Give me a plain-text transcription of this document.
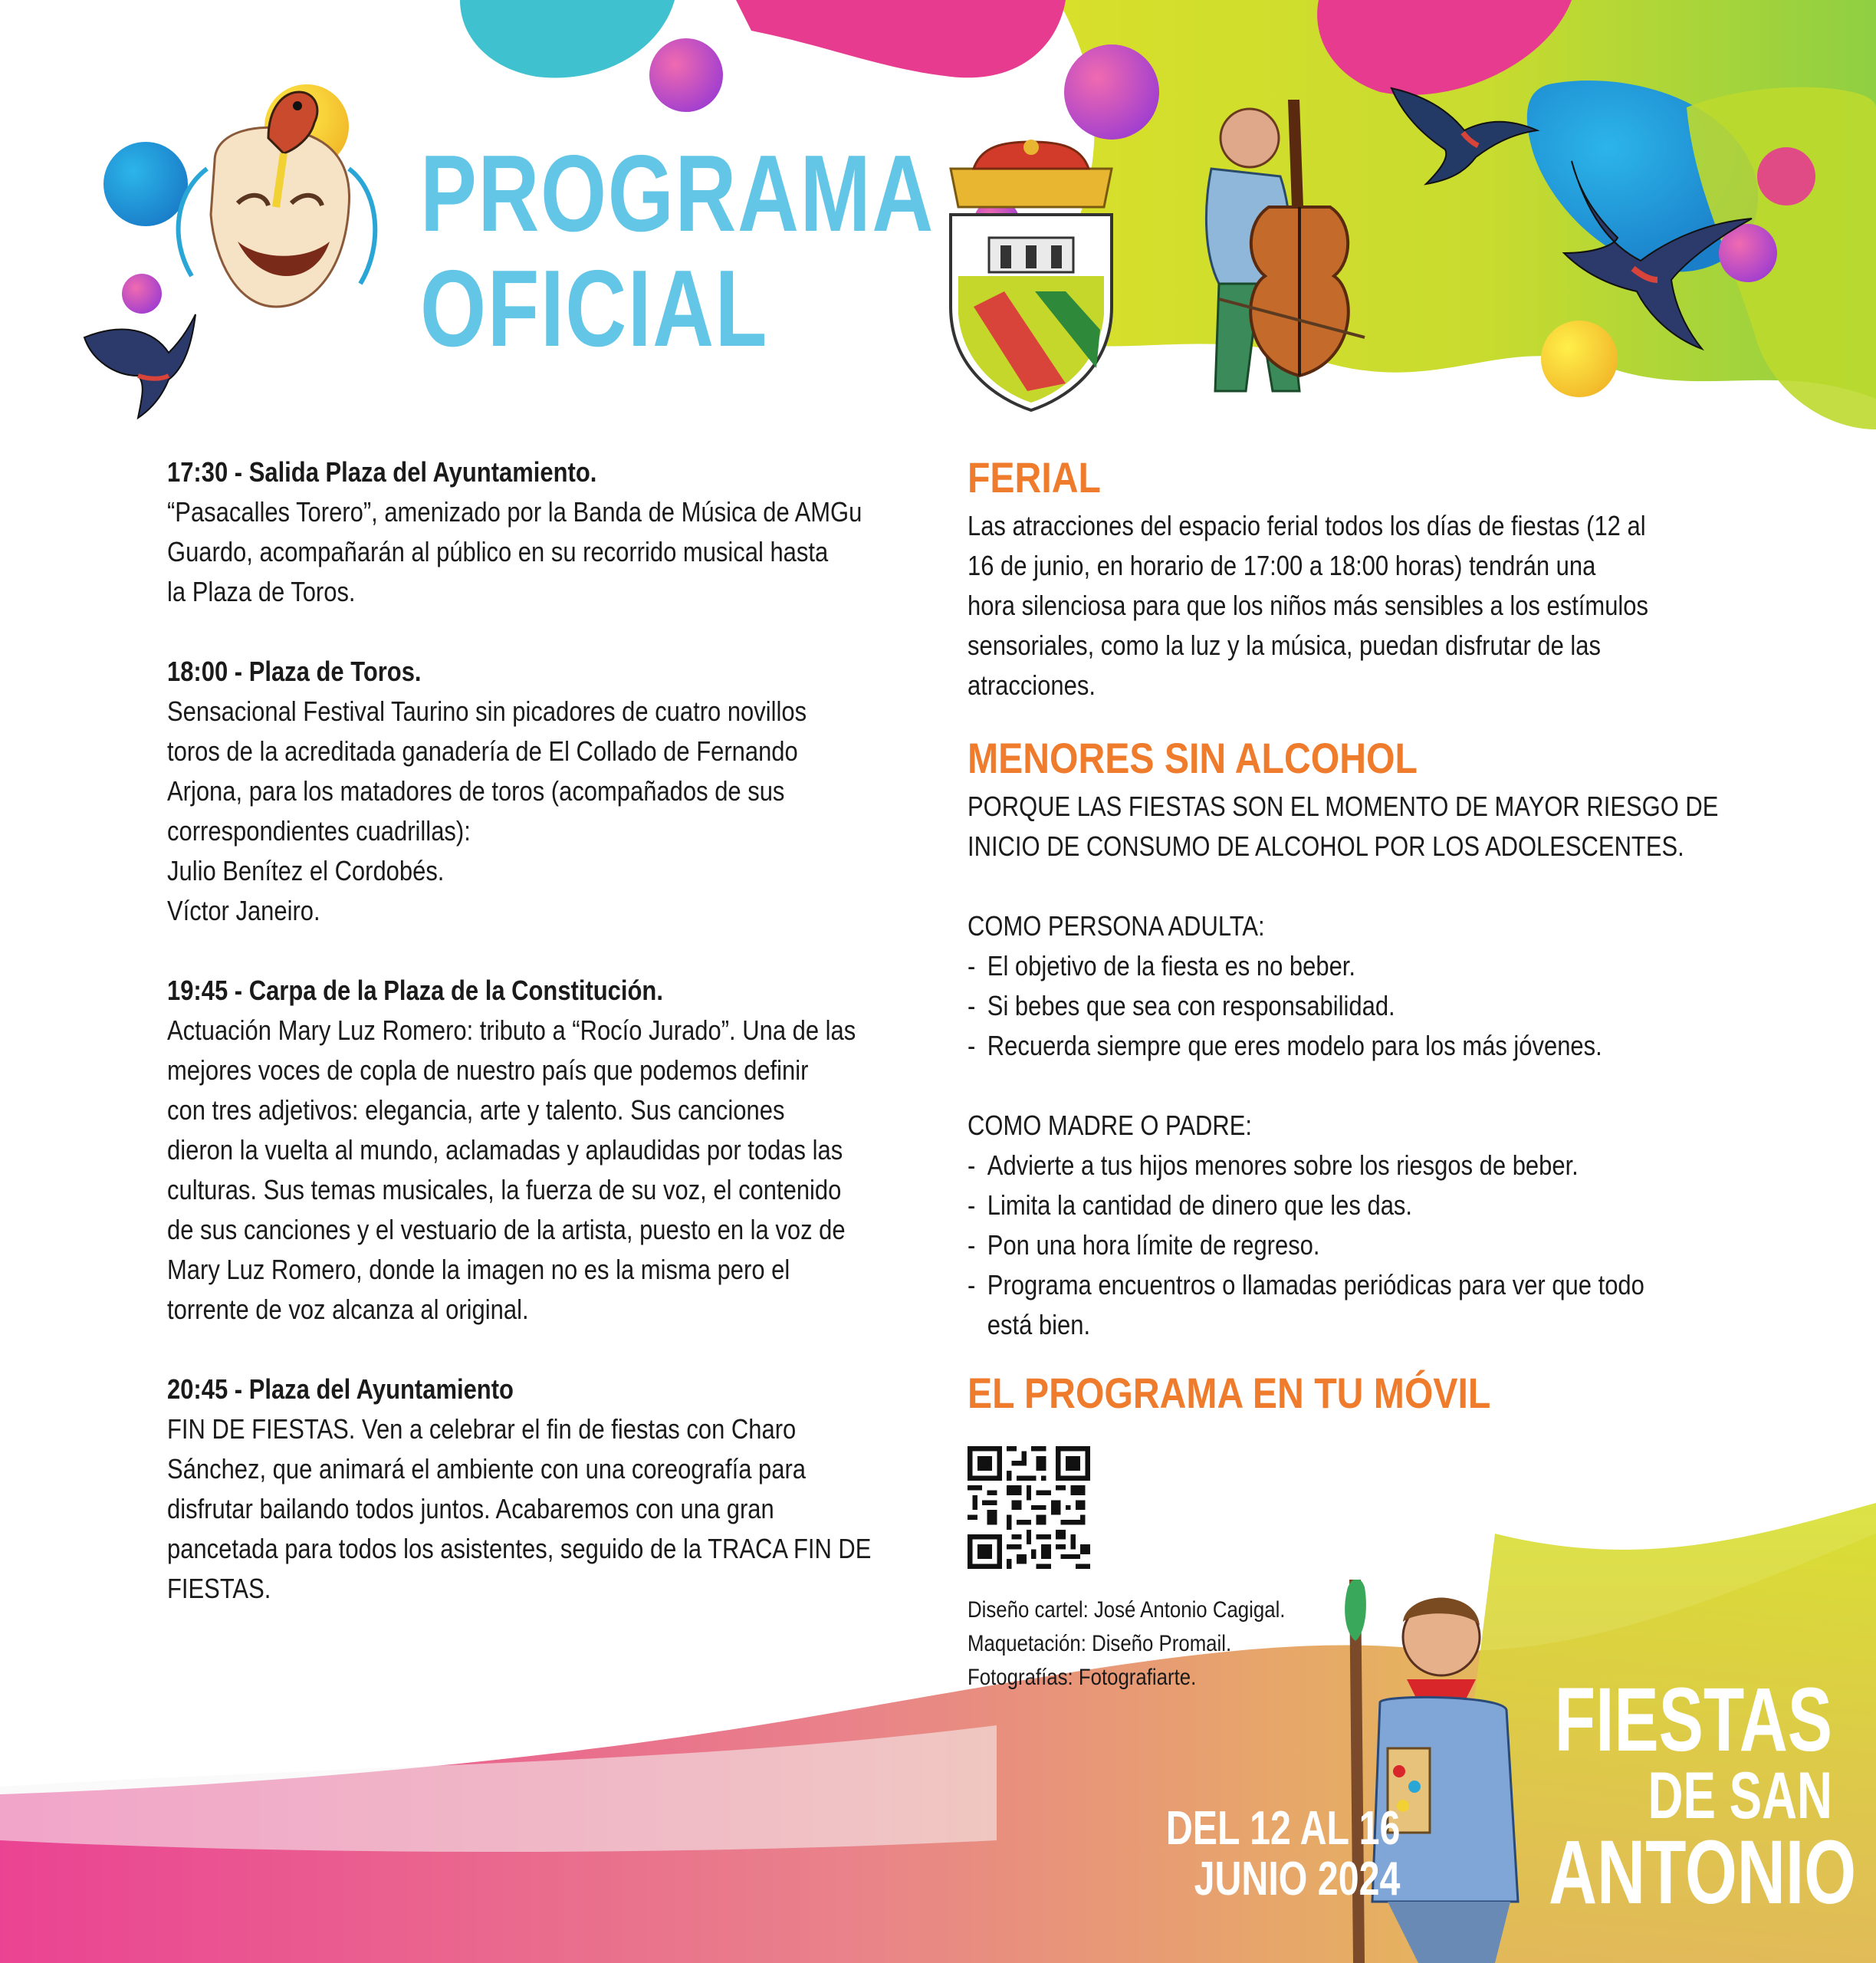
PROGRAMA
OFICIAL
17:30 - Salida Plaza del Ayuntamiento.
“Pasacalles Torero”, amenizado por la Banda de Música de AMGu
Guardo, acompañarán al público en su recorrido musical hasta
la Plaza de Toros.
18:00 - Plaza de Toros.
Sensacional Festival Taurino sin picadores de cuatro novillos
toros de la acreditada ganadería de El Collado de Fernando
Arjona, para los matadores de toros (acompañados de sus
correspondientes cuadrillas):
Julio Benítez el Cordobés.
Víctor Janeiro.
19:45 - Carpa de la Plaza de la Constitución.
Actuación Mary Luz Romero: tributo a “Rocío Jurado”. Una de las
mejores voces de copla de nuestro país que podemos definir
con tres adjetivos: elegancia, arte y talento. Sus canciones
dieron la vuelta al mundo, aclamadas y aplaudidas por todas las
culturas. Sus temas musicales, la fuerza de su voz, el contenido
de sus canciones y el vestuario de la artista, puesto en la voz de
Mary Luz Romero, donde la imagen no es la misma pero el
torrente de voz alcanza al original.
20:45 - Plaza del Ayuntamiento
FIN DE FIESTAS. Ven a celebrar el fin de fiestas con Charo
Sánchez, que animará el ambiente con una coreografía para
disfrutar bailando todos juntos. Acabaremos con una gran
pancetada para todos los asistentes, seguido de la TRACA FIN DE
FIESTAS.
FERIAL
Las atracciones del espacio ferial todos los días de fiestas (12 al
16 de junio, en horario de 17:00 a 18:00 horas) tendrán una
hora silenciosa para que los niños más sensibles a los estímulos
sensoriales, como la luz y la música, puedan disfrutar de las
atracciones.
MENORES SIN ALCOHOL
PORQUE LAS FIESTAS SON EL MOMENTO DE MAYOR RIESGO DE
INICIO DE CONSUMO DE ALCOHOL POR LOS ADOLESCENTES.
COMO PERSONA ADULTA:
- El objetivo de la fiesta es no beber.
- Si bebes que sea con responsabilidad.
- Recuerda siempre que eres modelo para los más jóvenes.
COMO MADRE O PADRE:
- Advierte a tus hijos menores sobre los riesgos de beber.
- Limita la cantidad de dinero que les das.
- Pon una hora límite de regreso.
- Programa encuentros o llamadas periódicas para ver que todo está bien.
EL PROGRAMA EN TU MÓVIL
Diseño cartel: José Antonio Cagigal.
Maquetación: Diseño Promail.
Fotografías: Fotografiarte.
DEL 12 AL 16
JUNIO 2024
FIESTAS
DE SAN
ANTONIO
